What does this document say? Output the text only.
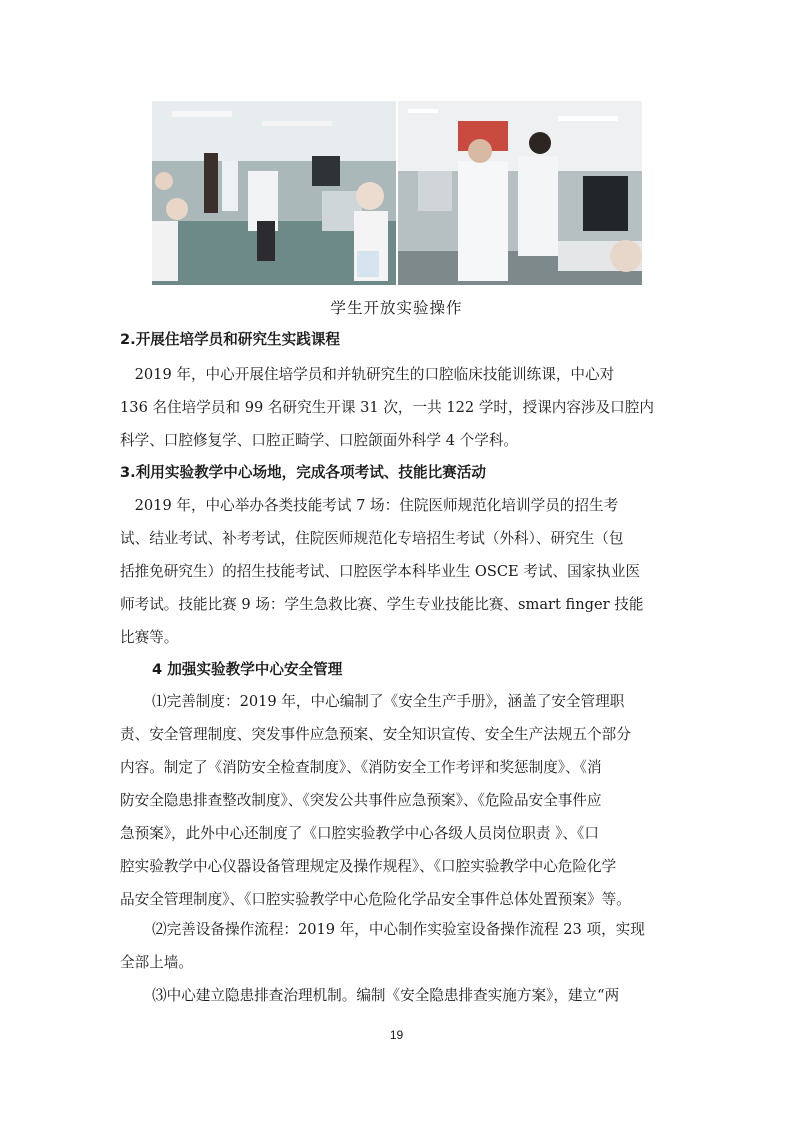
学生开放实验操作

2.开展住培学员和研究生实践课程

　2019 年，中心开展住培学员和并轨研究生的口腔临床技能训练课，中心对
136 名住培学员和 99 名研究生开课 31 次，一共 122 学时，授课内容涉及口腔内
科学、口腔修复学、口腔正畸学、口腔颌面外科学 4 个学科。

3.利用实验教学中心场地，完成各项考试、技能比赛活动

　2019 年，中心举办各类技能考试 7 场：住院医师规范化培训学员的招生考
试、结业考试、补考考试，住院医师规范化专培招生考试（外科）、研究生（包
括推免研究生）的招生技能考试、口腔医学本科毕业生 OSCE 考试、国家执业医
师考试。技能比赛 9 场：学生急救比赛、学生专业技能比赛、smart finger 技能
比赛等。

4 加强实验教学中心安全管理

⑴完善制度：2019 年，中心编制了《安全生产手册》，涵盖了安全管理职
责、安全管理制度、突发事件应急预案、安全知识宣传、安全生产法规五个部分
内容。制定了《消防安全检查制度》、《消防安全工作考评和奖惩制度》、《消
防安全隐患排查整改制度》、《突发公共事件应急预案》、《危险品安全事件应
急预案》，此外中心还制度了《口腔实验教学中心各级人员岗位职责 》、《口
腔实验教学中心仪器设备管理规定及操作规程》、《口腔实验教学中心危险化学
品安全管理制度》、《口腔实验教学中心危险化学品安全事件总体处置预案》等。

⑵完善设备操作流程：2019 年，中心制作实验室设备操作流程 23 项，实现
全部上墙。

⑶中心建立隐患排查治理机制。编制《安全隐患排查实施方案》，建立“两

19
